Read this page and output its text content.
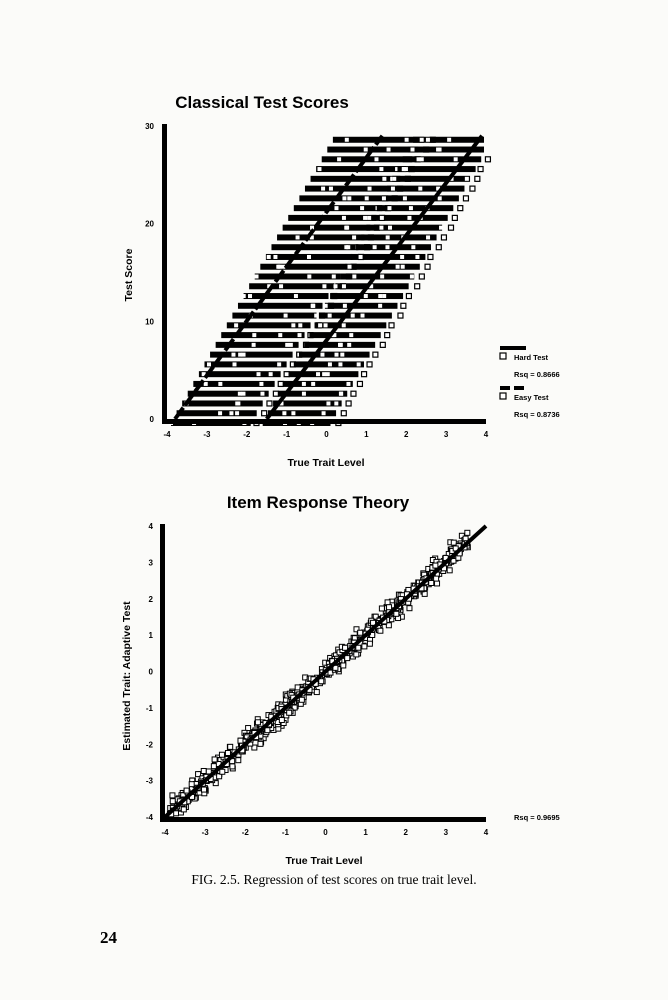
Classical Test Scores
-4	-3	-2	-1	0	1	2	3	4
0
10
20
30
True Trait Level
Test Score
Hard Test
Rsq = 0.8666
Easy Test
Rsq = 0.8736
Item Response Theory
-4	-3	-2	-1	0	1	2	3	4
-4
-3
-2
-1
0
1
2
3
4
True Trait Level
Estimated Trait: Adaptive Test
Rsq = 0.9695
FIG. 2.5. Regression of test scores on true trait level.
24
